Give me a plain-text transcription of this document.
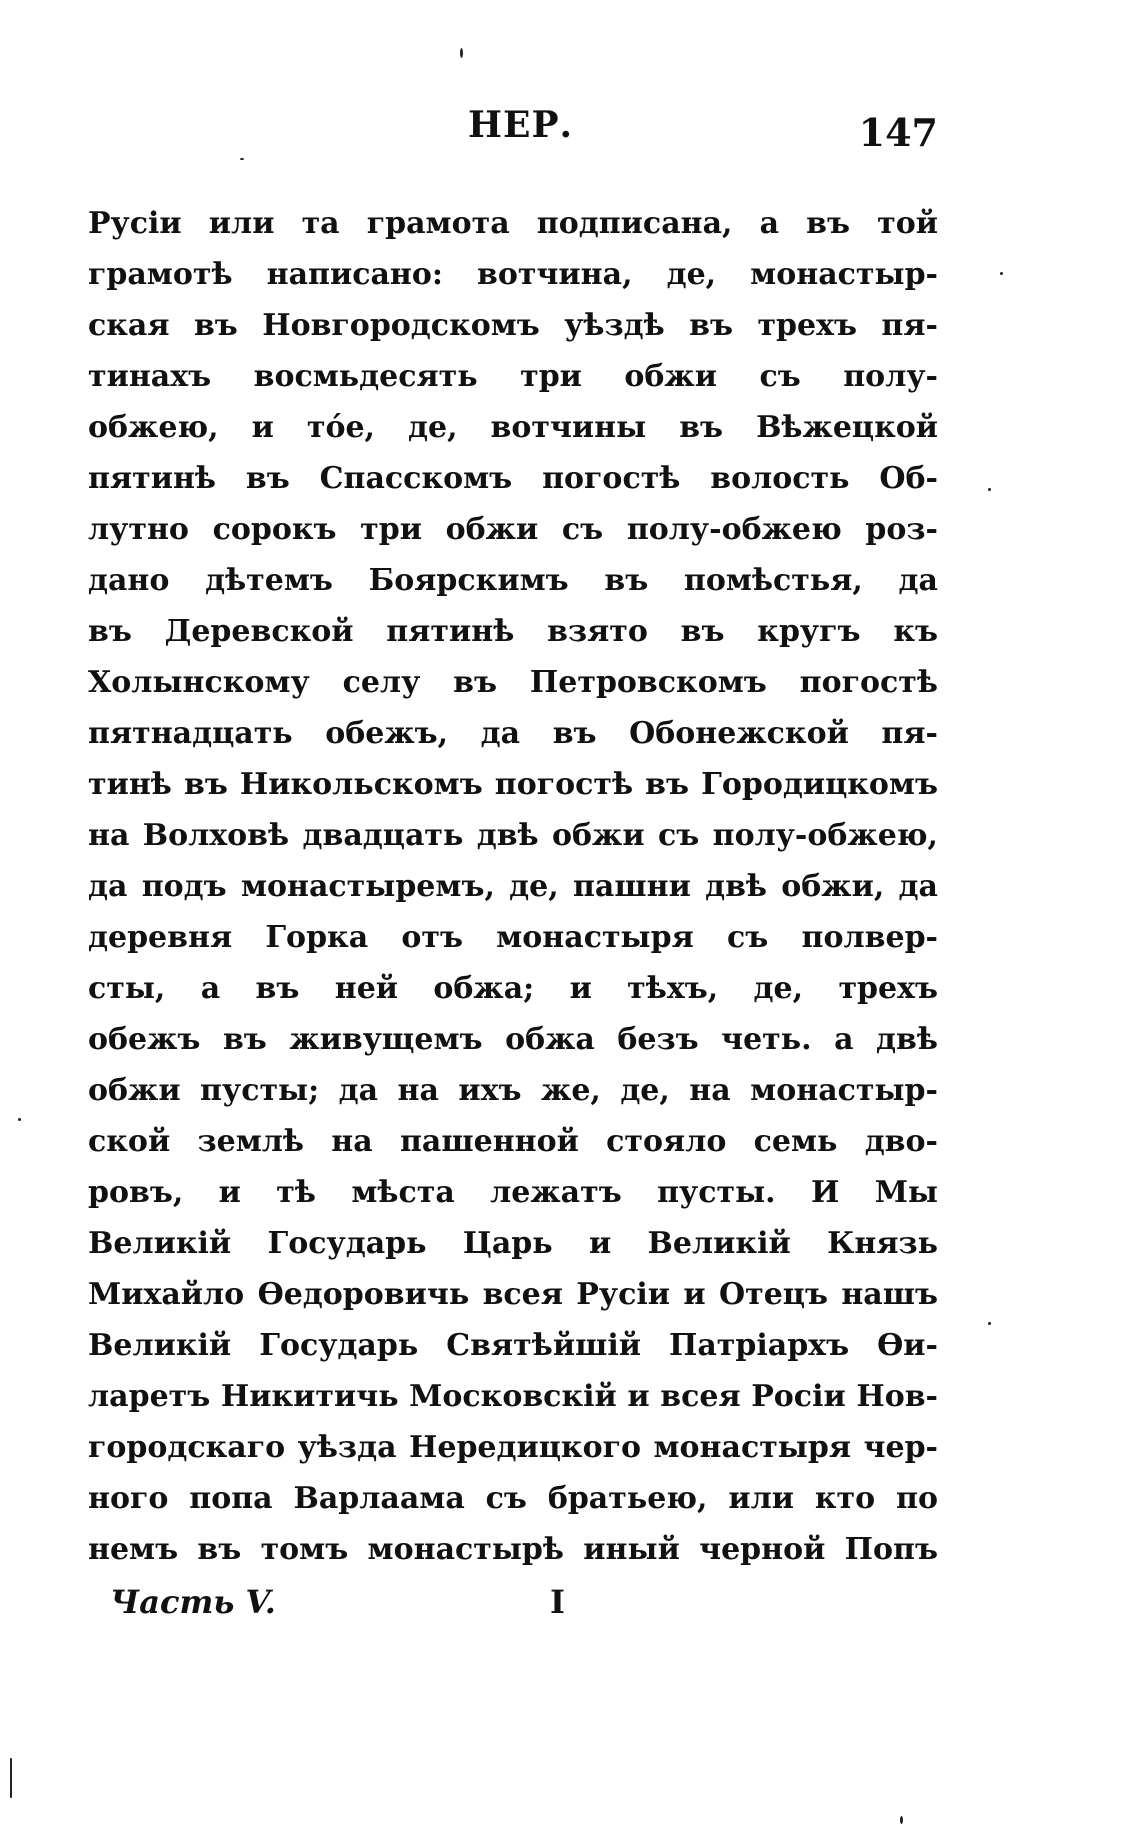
НЕР.	147
Русіи или та грамота подписана, а въ той
грамотѣ написано: вотчина, де, монастыр-
ская въ Новгородскомъ уѣздѣ въ трехъ пя-
тинахъ восмьдесять три обжи съ полу-
обжею, и то́е, де, вотчины въ Вѣжецкой
пятинѣ въ Спасскомъ погостѣ волость Об-
лутно сорокъ три обжи съ полу-обжею роз-
дано дѣтемъ Боярскимъ въ помѣстья, да
въ Деревской пятинѣ взято въ кругъ къ
Холынскому селу въ Петровскомъ погостѣ
пятнадцать обежъ, да въ Обонежской пя-
тинѣ въ Никольскомъ погостѣ въ Городицкомъ
на Волховѣ двадцать двѣ обжи съ полу-обжею,
да подъ монастыремъ, де, пашни двѣ обжи, да
деревня Горка отъ монастыря съ полвер-
сты, а въ ней обжа; и тѣхъ, де, трехъ
обежъ въ живущемъ обжа безъ четь. а двѣ
обжи пусты; да на ихъ же, де, на монастыр-
ской землѣ на пашенной стояло семь дво-
ровъ, и тѣ мѣста лежатъ пусты. И Мы
Великій Государь Царь и Великій Князь
Михайло Ѳедоровичь всея Русіи и Отецъ нашъ
Великій Государь Святѣйшій Патріархъ Ѳи-
ларетъ Никитичь Московскій и всея Росіи Нов-
городскаго уѣзда Нередицкого монастыря чер-
ного попа Варлаама съ братьею, или кто по
немъ въ томъ монастырѣ иный черной Попъ
Часть V.	I
